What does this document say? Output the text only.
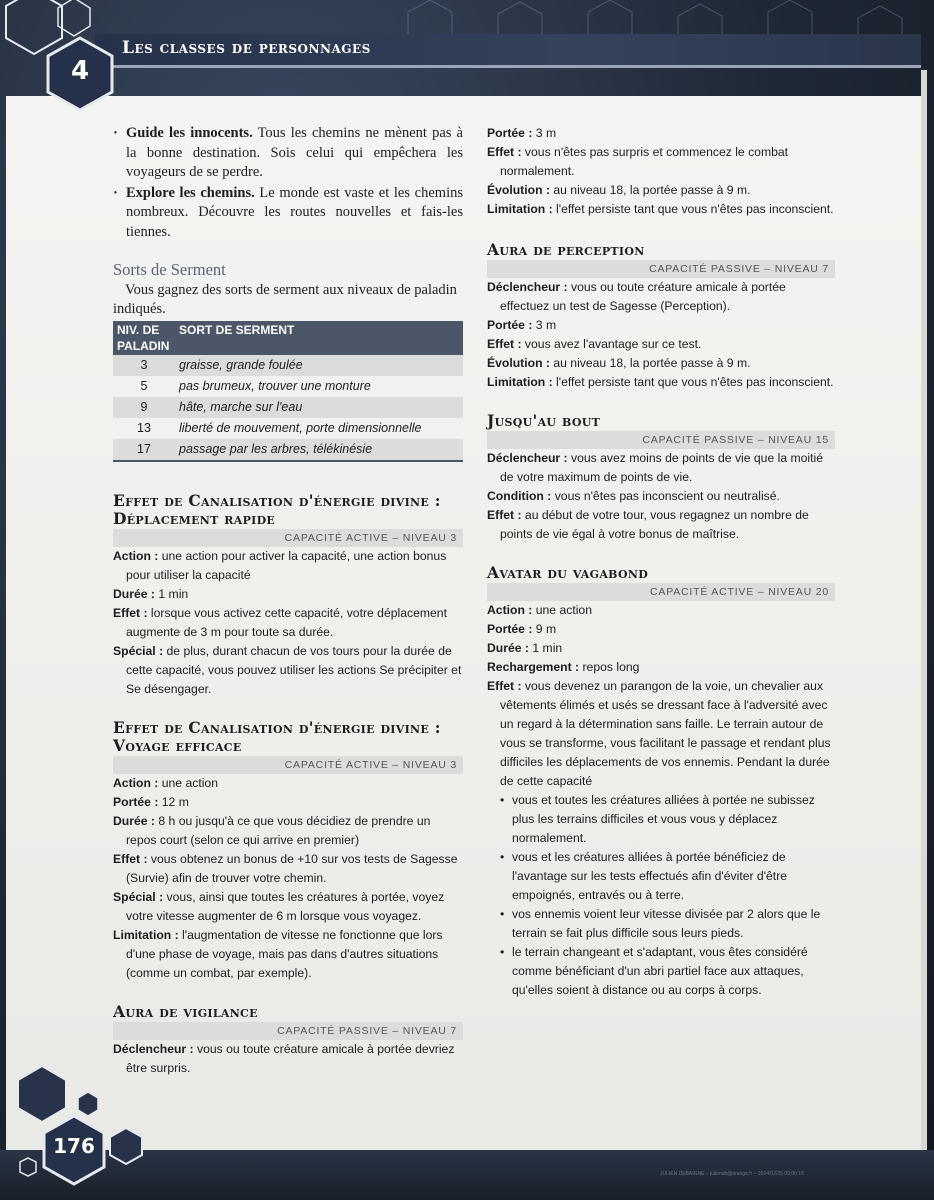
4
Les classes de personnages
176
JULIEN DEBAIGNE – juliendb@orange.fr – 2024/02/25 00:00 16
· Guide les innocents. Tous les chemins ne mènent pas à la bonne destination. Sois celui qui empêchera les voyageurs de se perdre.
· Explore les chemins. Le monde est vaste et les chemins nombreux. Découvre les routes nouvelles et fais-les tiennes.
Sorts de Serment
Vous gagnez des sorts de serment aux niveaux de paladin indiqués.
NIV. DE PALADIN	SORT DE SERMENT
3	graisse, grande foulée
5	pas brumeux, trouver une monture
9	hâte, marche sur l'eau
13	liberté de mouvement, porte dimensionnelle
17	passage par les arbres, télékinésie
Effet de Canalisation d'énergie divine :
Déplacement rapide
CAPACITÉ ACTIVE – NIVEAU 3
Action : une action pour activer la capacité, une action bonus pour utiliser la capacité
Durée : 1 min
Effet : lorsque vous activez cette capacité, votre déplacement augmente de 3 m pour toute sa durée.
Spécial : de plus, durant chacun de vos tours pour la durée de cette capacité, vous pouvez utiliser les actions Se précipiter et Se désengager.
Effet de Canalisation d'énergie divine :
Voyage efficace
CAPACITÉ ACTIVE – NIVEAU 3
Action : une action
Portée : 12 m
Durée : 8 h ou jusqu'à ce que vous décidiez de prendre un repos court (selon ce qui arrive en premier)
Effet : vous obtenez un bonus de +10 sur vos tests de Sagesse (Survie) afin de trouver votre chemin.
Spécial : vous, ainsi que toutes les créatures à portée, voyez votre vitesse augmenter de 6 m lorsque vous voyagez.
Limitation : l'augmentation de vitesse ne fonctionne que lors d'une phase de voyage, mais pas dans d'autres situations (comme un combat, par exemple).
Aura de vigilance
CAPACITÉ PASSIVE – NIVEAU 7
Déclencheur : vous ou toute créature amicale à portée devriez être surpris.
Portée : 3 m
Effet : vous n'êtes pas surpris et commencez le combat normalement.
Évolution : au niveau 18, la portée passe à 9 m.
Limitation : l'effet persiste tant que vous n'êtes pas inconscient.
Aura de perception
CAPACITÉ PASSIVE – NIVEAU 7
Déclencheur : vous ou toute créature amicale à portée effectuez un test de Sagesse (Perception).
Portée : 3 m
Effet : vous avez l'avantage sur ce test.
Évolution : au niveau 18, la portée passe à 9 m.
Limitation : l'effet persiste tant que vous n'êtes pas inconscient.
Jusqu'au bout
CAPACITÉ PASSIVE – NIVEAU 15
Déclencheur : vous avez moins de points de vie que la moitié de votre maximum de points de vie.
Condition : vous n'êtes pas inconscient ou neutralisé.
Effet : au début de votre tour, vous regagnez un nombre de points de vie égal à votre bonus de maîtrise.
Avatar du vagabond
CAPACITÉ ACTIVE – NIVEAU 20
Action : une action
Portée : 9 m
Durée : 1 min
Rechargement : repos long
Effet : vous devenez un parangon de la voie, un chevalier aux vêtements élimés et usés se dressant face à l'adversité avec un regard à la détermination sans faille. Le terrain autour de vous se transforme, vous facilitant le passage et rendant plus difficiles les déplacements de vos ennemis. Pendant la durée de cette capacité
• vous et toutes les créatures alliées à portée ne subissez plus les terrains difficiles et vous vous y déplacez normalement.
• vous et les créatures alliées à portée bénéficiez de l'avantage sur les tests effectués afin d'éviter d'être empoignés, entravés ou à terre.
• vos ennemis voient leur vitesse divisée par 2 alors que le terrain se fait plus difficile sous leurs pieds.
• le terrain changeant et s'adaptant, vous êtes considéré comme bénéficiant d'un abri partiel face aux attaques, qu'elles soient à distance ou au corps à corps.
